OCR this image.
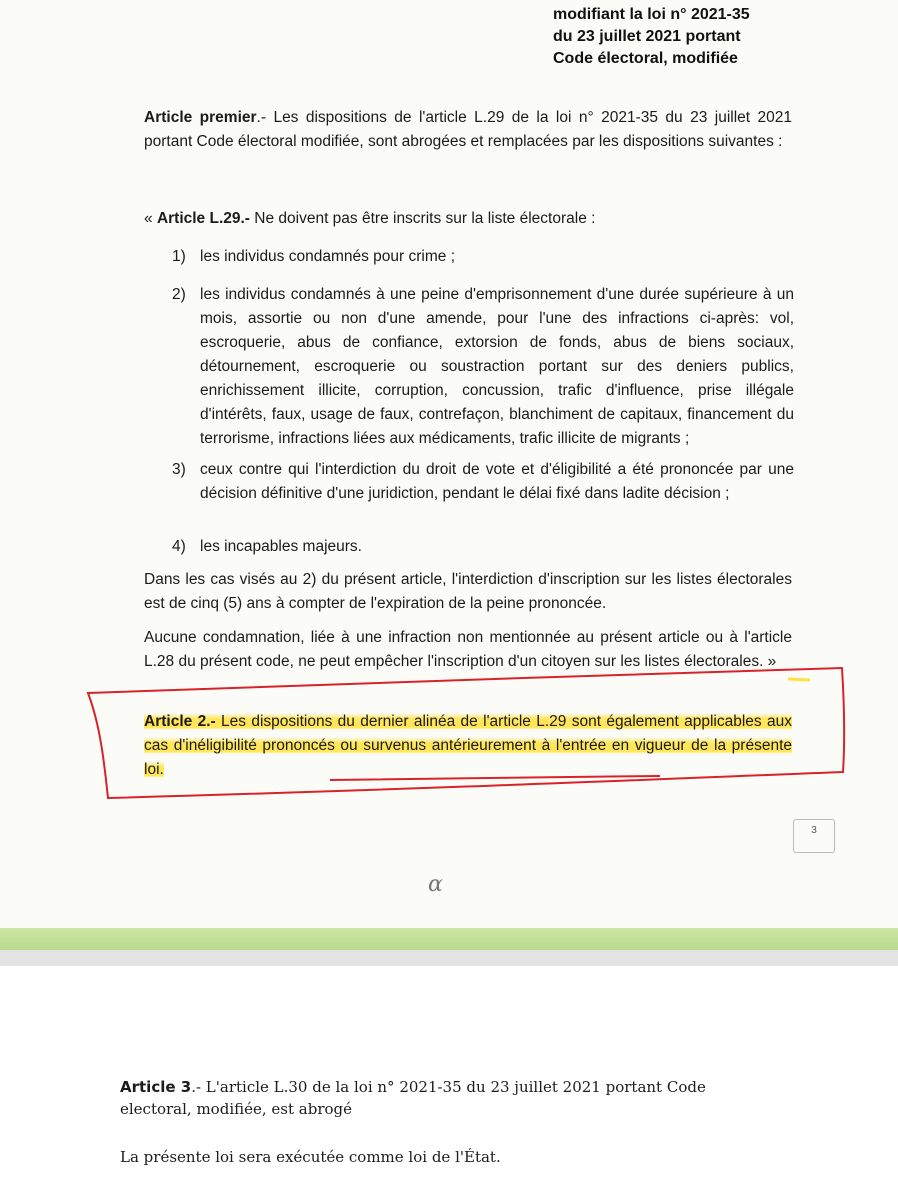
modifiant la loi n° 2021-35
du 23 juillet 2021 portant
Code électoral, modifiée
Article premier.- Les dispositions de l'article L.29 de la loi n° 2021-35 du 23 juillet 2021 portant Code électoral modifiée, sont abrogées et remplacées par les dispositions suivantes :
« Article L.29.- Ne doivent pas être inscrits sur la liste électorale :
1) les individus condamnés pour crime ;
2) les individus condamnés à une peine d'emprisonnement d'une durée supérieure à un mois, assortie ou non d'une amende, pour l'une des infractions ci-après: vol, escroquerie, abus de confiance, extorsion de fonds, abus de biens sociaux, détournement, escroquerie ou soustraction portant sur des deniers publics, enrichissement illicite, corruption, concussion, trafic d'influence, prise illégale d'intérêts, faux, usage de faux, contrefaçon, blanchiment de capitaux, financement du terrorisme, infractions liées aux médicaments, trafic illicite de migrants ;
3) ceux contre qui l'interdiction du droit de vote et d'éligibilité a été prononcée par une décision définitive d'une juridiction, pendant le délai fixé dans ladite décision ;
4) les incapables majeurs.
Dans les cas visés au 2) du présent article, l'interdiction d'inscription sur les listes électorales est de cinq (5) ans à compter de l'expiration de la peine prononcée.
Aucune condamnation, liée à une infraction non mentionnée au présent article ou à l'article L.28 du présent code, ne peut empêcher l'inscription d'un citoyen sur les listes électorales. »
Article 2.- Les dispositions du dernier alinéa de l'article L.29 sont également applicables aux cas d'inéligibilité prononcés ou survenus antérieurement à l'entrée en vigueur de la présente loi.
3
ɑ
Article 3.- L'article L.30 de la loi n° 2021-35 du 23 juillet 2021 portant Code electoral, modifiée, est abrogé
La présente loi sera exécutée comme loi de l'État.
